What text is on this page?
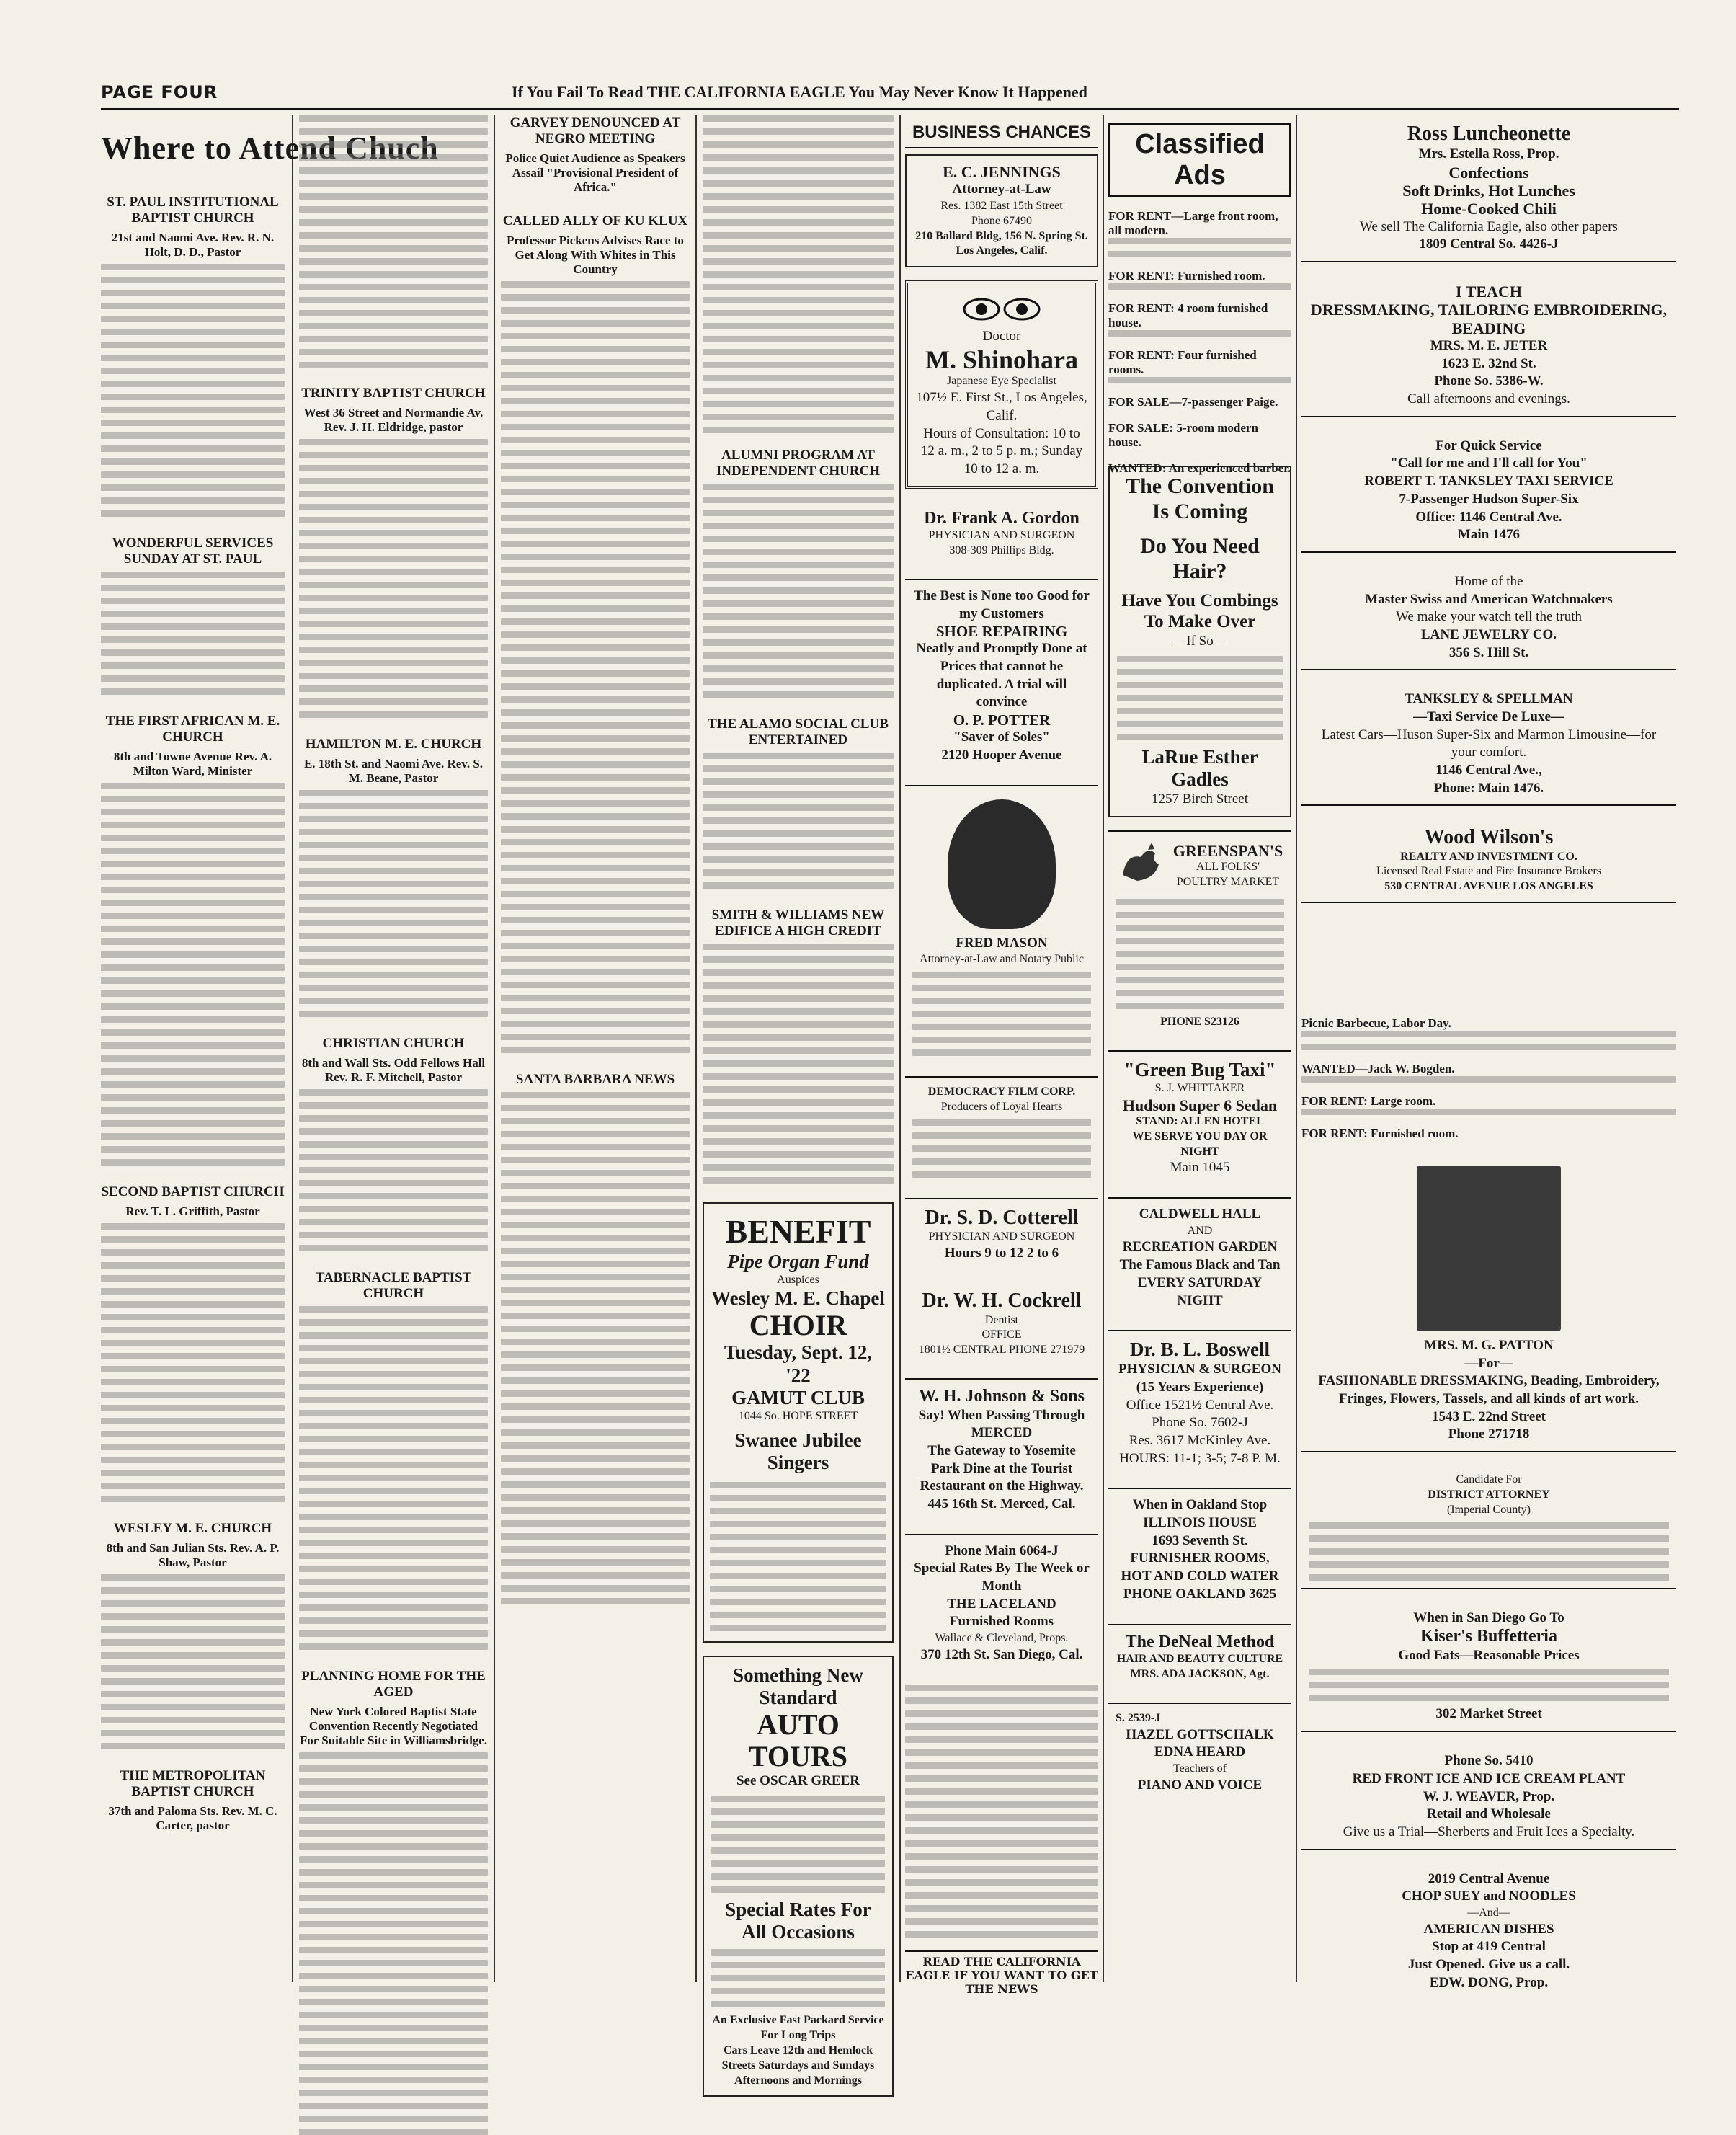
PAGE FOUR	If You Fail To Read THE CALIFORNIA EAGLE You May Never Know It Happened
Where to Attend Chuch
ST. PAUL INSTITUTIONAL BAPTIST CHURCH
21st and Naomi Ave. Rev. R. N. Holt, D. D., Pastor
WONDERFUL SERVICES SUNDAY AT ST. PAUL
THE FIRST AFRICAN M. E. CHURCH
8th and Towne Avenue Rev. A. Milton Ward, Minister
SECOND BAPTIST CHURCH
Rev. T. L. Griffith, Pastor
WESLEY M. E. CHURCH
8th and San Julian Sts. Rev. A. P. Shaw, Pastor
THE METROPOLITAN BAPTIST CHURCH
37th and Paloma Sts. Rev. M. C. Carter, pastor
TRINITY BAPTIST CHURCH
West 36 Street and Normandie Av. Rev. J. H. Eldridge, pastor
HAMILTON M. E. CHURCH
E. 18th St. and Naomi Ave. Rev. S. M. Beane, Pastor
CHRISTIAN CHURCH
8th and Wall Sts. Odd Fellows Hall Rev. R. F. Mitchell, Pastor
TABERNACLE BAPTIST CHURCH
PLANNING HOME FOR THE AGED
New York Colored Baptist State Convention Recently Negotiated For Suitable Site in Williamsbridge.
GARVEY DENOUNCED AT NEGRO MEETING
Police Quiet Audience as Speakers Assail "Provisional President of Africa."
CALLED ALLY OF KU KLUX
Professor Pickens Advises Race to Get Along With Whites in This Country
SANTA BARBARA NEWS
ALUMNI PROGRAM AT INDEPENDENT CHURCH
THE ALAMO SOCIAL CLUB ENTERTAINED
SMITH & WILLIAMS NEW EDIFICE A HIGH CREDIT
BENEFIT
Pipe Organ Fund
Auspices
Wesley M. E. Chapel
CHOIR
Tuesday, Sept. 12, '22
GAMUT CLUB
1044 So. HOPE STREET
Swanee Jubilee Singers
Something New
Standard
AUTO TOURS
See OSCAR GREER
Special Rates For
All Occasions
An Exclusive Fast Packard Service For Long Trips
Cars Leave 12th and Hemlock Streets Saturdays and Sundays Afternoons and Mornings
BUSINESS CHANCES
E. C. JENNINGS
Attorney-at-Law
Res. 1382 East 15th Street
Phone 67490
210 Ballard Bldg, 156 N. Spring St. Los Angeles, Calif.
Doctor
M. Shinohara
Japanese Eye Specialist
107½ E. First St., Los Angeles, Calif.
Hours of Consultation: 10 to 12 a. m., 2 to 5 p. m.; Sunday 10 to 12 a. m.
Dr. Frank A. Gordon
PHYSICIAN AND SURGEON
308-309 Phillips Bldg.
The Best is None too Good for my Customers
SHOE REPAIRING
Neatly and Promptly Done at Prices that cannot be duplicated. A trial will convince
O. P. POTTER
"Saver of Soles"
2120 Hooper Avenue
FRED MASON
Attorney-at-Law and Notary Public
DEMOCRACY FILM CORP.
Producers of Loyal Hearts
Dr. S. D. Cotterell
PHYSICIAN AND SURGEON
Hours 9 to 12 2 to 6
Dr. W. H. Cockrell
Dentist
OFFICE
1801½ CENTRAL PHONE 271979
W. H. Johnson & Sons
Say! When Passing Through
MERCED
The Gateway to Yosemite Park Dine at the Tourist Restaurant on the Highway.
445 16th St. Merced, Cal.
Phone Main 6064-J
Special Rates By The Week or Month
THE LACELAND
Furnished Rooms
Wallace & Cleveland, Props.
370 12th St. San Diego, Cal.
READ THE CALIFORNIA EAGLE IF YOU WANT TO GET THE NEWS
The Convention
Is Coming
Do You Need Hair?
Have You Combings To Make Over
—If So—
LaRue Esther Gadles
1257 Birch Street
GREENSPAN'S
ALL FOLKS' POULTRY MARKET
PHONE S23126
"Green Bug Taxi"
S. J. WHITTAKER
Hudson Super 6 Sedan
STAND: ALLEN HOTEL
WE SERVE YOU DAY OR NIGHT
Main 1045
CALDWELL HALL
AND
RECREATION GARDEN
The Famous Black and Tan EVERY SATURDAY NIGHT
Dr. B. L. Boswell
PHYSICIAN & SURGEON
(15 Years Experience)
Office 1521½ Central Ave.
Phone So. 7602-J
Res. 3617 McKinley Ave.
HOURS: 11-1; 3-5; 7-8 P. M.
When in Oakland Stop
ILLINOIS HOUSE
1693 Seventh St.
FURNISHER ROOMS, HOT AND COLD WATER
PHONE OAKLAND 3625
The DeNeal Method
HAIR AND BEAUTY CULTURE
MRS. ADA JACKSON, Agt.
S. 2539-J
HAZEL GOTTSCHALK
EDNA HEARD
Teachers of
PIANO AND VOICE
Classified Ads
FOR RENT—Large front room, all modern.
FOR RENT: Furnished room.
FOR RENT: 4 room furnished house.
FOR RENT: Four furnished rooms.
FOR SALE—7-passenger Paige.
FOR SALE: 5-room modern house.
WANTED: An experienced barber.
Ross Luncheonette
Mrs. Estella Ross, Prop.
Confections
Soft Drinks, Hot Lunches
Home-Cooked Chili
We sell The California Eagle, also other papers
1809 Central So. 4426-J
I TEACH
DRESSMAKING, TAILORING EMBROIDERING, BEADING
MRS. M. E. JETER
1623 E. 32nd St.
Phone So. 5386-W.
Call afternoons and evenings.
For Quick Service
"Call for me and I'll call for You"
ROBERT T. TANKSLEY TAXI SERVICE
7-Passenger Hudson Super-Six
Office: 1146 Central Ave.
Main 1476
Home of the
Master Swiss and American Watchmakers
We make your watch tell the truth
LANE JEWELRY CO.
356 S. Hill St.
TANKSLEY & SPELLMAN
—Taxi Service De Luxe—
Latest Cars—Huson Super-Six and Marmon Limousine—for your comfort.
1146 Central Ave.,
Phone: Main 1476.
Wood Wilson's
REALTY AND INVESTMENT CO.
Licensed Real Estate and Fire Insurance Brokers
530 CENTRAL AVENUE LOS ANGELES
Picnic Barbecue, Labor Day.
WANTED—Jack W. Bogden.
FOR RENT: Large room.
FOR RENT: Furnished room.
MRS. M. G. PATTON
—For—
FASHIONABLE DRESSMAKING, Beading, Embroidery, Fringes, Flowers, Tassels, and all kinds of art work.
1543 E. 22nd Street
Phone 271718
Candidate For
DISTRICT ATTORNEY
(Imperial County)
When in San Diego Go To
Kiser's Buffetteria
Good Eats—Reasonable Prices
302 Market Street
Phone So. 5410
RED FRONT ICE AND ICE CREAM PLANT
W. J. WEAVER, Prop.
Retail and Wholesale
Give us a Trial—Sherberts and Fruit Ices a Specialty.
2019 Central Avenue
CHOP SUEY and NOODLES
—And—
AMERICAN DISHES
Stop at 419 Central
Just Opened. Give us a call.
EDW. DONG, Prop.
